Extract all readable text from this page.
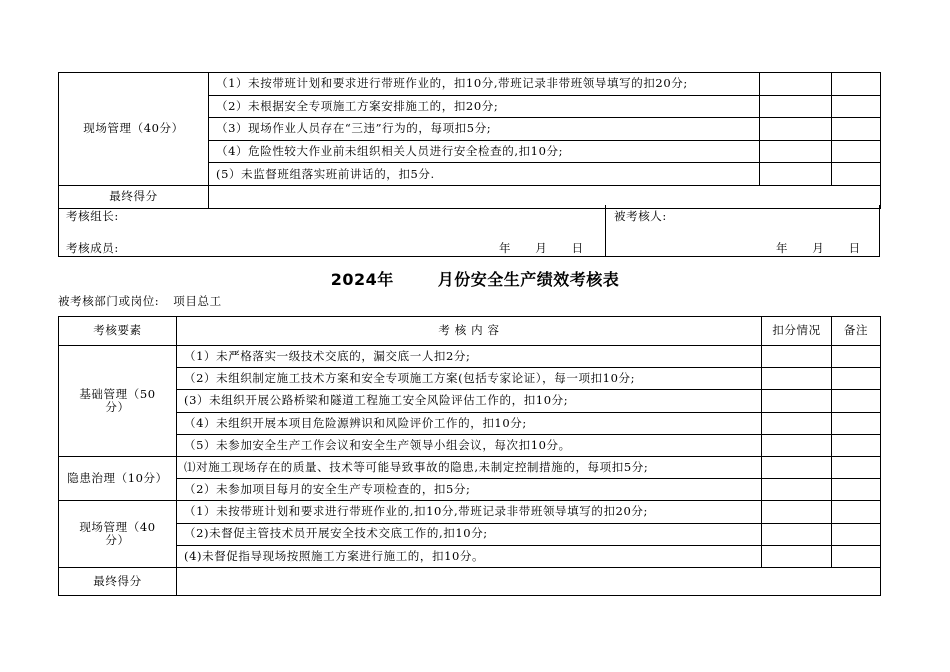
现场管理（40分）	（1）未按带班计划和要求进行带班作业的，扣10分,带班记录非带班领导填写的扣20分;		
	（2）未根据安全专项施工方案安排施工的，扣20分;		
	（3）现场作业人员存在“三违”行为的，每项扣5分;		
	（4）危险性较大作业前未组织相关人员进行安全检查的,扣10分;		
	(5）未监督班组落实班前讲话的，扣5分.		
最终得分			
考核组长:
考核成员:	年　　月　　日
被考核人:
年　　月　　日
2024年	月份安全生产绩效考核表
被考核部门或岗位: 项目总工
考核要素	考 核 内 容	扣分情况	备注
基础管理（50分）	（1）未严格落实一级技术交底的，漏交底一人扣2分;		
	（2）未组织制定施工技术方案和安全专项施工方案(包括专家论证），每一项扣10分;		
	(3）未组织开展公路桥梁和隧道工程施工安全风险评估工作的，扣10分;		
	（4）未组织开展本项目危险源辨识和风险评价工作的，扣10分;		
	（5）未参加安全生产工作会议和安全生产领导小组会议，每次扣10分。		
隐患治理（10分）	⑴对施工现场存在的质量、技术等可能导致事故的隐患,未制定控制措施的，每项扣5分;		
	（2）未参加项目每月的安全生产专项检查的，扣5分;		
现场管理（40分）	（1）未按带班计划和要求进行带班作业的,扣10分,带班记录非带班领导填写的扣20分;		
	（2)未督促主管技术员开展安全技术交底工作的,扣10分;		
	(4)未督促指导现场按照施工方案进行施工的，扣10分。		
最终得分			
